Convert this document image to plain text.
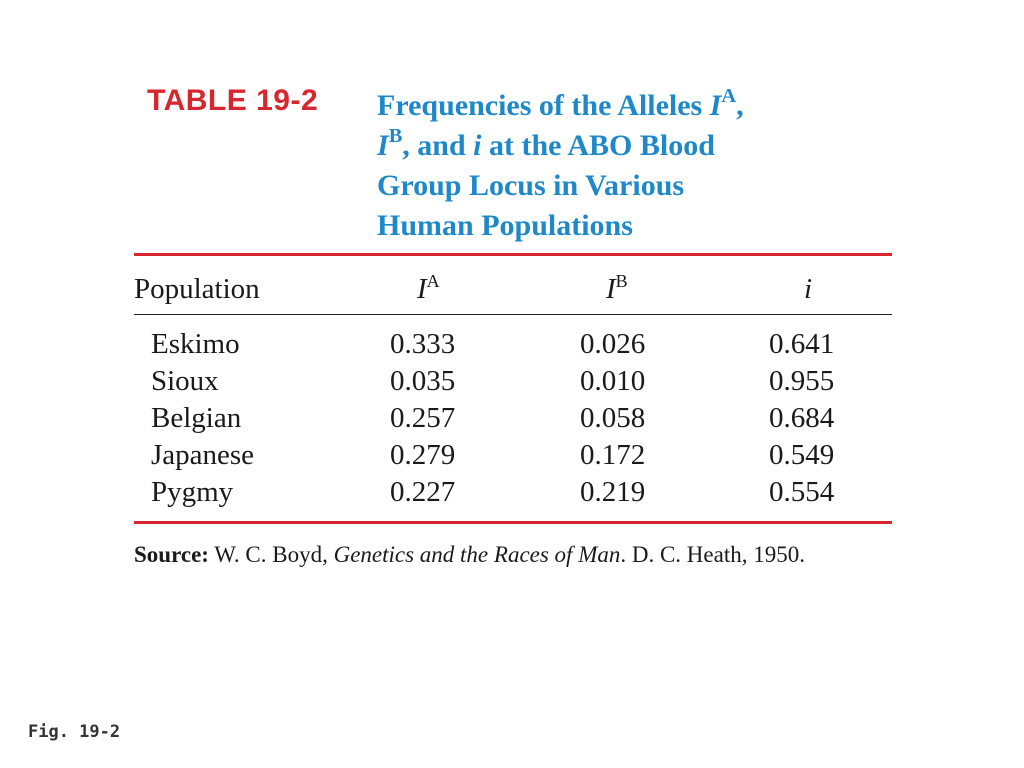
TABLE 19-2 Frequencies of the Alleles $I^A$,
$I^B$, and i at the ABO Blood
Group Locus in Various
Human Populations
Population	$I^A$	$I^B$	i
Eskimo	0.333	0.026	0.641
Sioux	0.035	0.010	0.955
Belgian	0.257	0.058	0.684
Japanese	0.279	0.172	0.549
Pygmy	0.227	0.219	0.554
Source: W. C. Boyd, Genetics and the Races of Man. D. C. Heath, 1950.
Fig. 19-2
